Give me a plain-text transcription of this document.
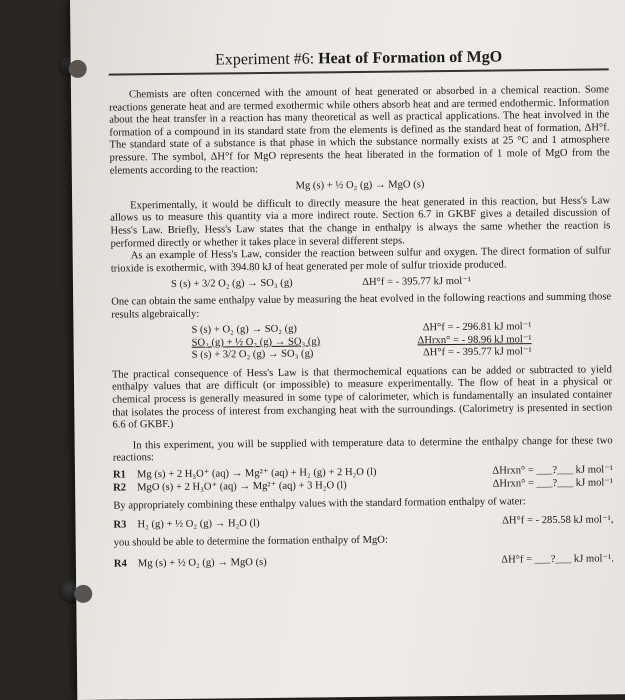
Experiment #6: Heat of Formation of MgO

Chemists are often concerned with the amount of heat generated or absorbed in a chemical reaction. Some reactions generate heat and are termed exothermic while others absorb heat and are termed endothermic. Information about the heat transfer in a reaction has many theoretical as well as practical applications. The heat involved in the formation of a compound in its standard state from the elements is defined as the standard heat of formation, ΔH°f. The standard state of a substance is that phase in which the substance normally exists at 25 °C and 1 atmosphere pressure. The symbol, ΔH°f for MgO represents the heat liberated in the formation of 1 mole of MgO from the elements according to the reaction:

Mg (s) + ½ O₂ (g) → MgO (s)

Experimentally, it would be difficult to directly measure the heat generated in this reaction, but Hess's Law allows us to measure this quantity via a more indirect route. Section 6.7 in GKBF gives a detailed discussion of Hess's Law. Briefly, Hess's Law states that the change in enthalpy is always the same whether the reaction is performed directly or whether it takes place in several different steps.

As an example of Hess's Law, consider the reaction between sulfur and oxygen. The direct formation of sulfur trioxide is exothermic, with 394.80 kJ of heat generated per mole of sulfur trioxide produced.

S (s) + 3/2 O₂ (g) → SO₃ (g)	ΔH°f = - 395.77 kJ mol⁻¹

One can obtain the same enthalpy value by measuring the heat evolved in the following reactions and summing those results algebraically:

S (s) + O₂ (g) → SO₂ (g)	ΔH°f = - 296.81 kJ mol⁻¹
SO₂ (g) + ½ O₂ (g) → SO₃ (g)	ΔHrxn° = - 98.96 kJ mol⁻¹
S (s) + 3/2 O₂ (g) → SO₃ (g)	ΔH°f = - 395.77 kJ mol⁻¹

The practical consequence of Hess's Law is that thermochemical equations can be added or subtracted to yield enthalpy values that are difficult (or impossible) to measure experimentally. The flow of heat in a physical or chemical process is generally measured in some type of calorimeter, which is fundamentally an insulated container that isolates the process of interest from exchanging heat with the surroundings. (Calorimetry is presented in section 6.6 of GKBF.)

In this experiment, you will be supplied with temperature data to determine the enthalpy change for these two reactions:

R1	Mg (s) + 2 H₃O⁺ (aq) → Mg²⁺ (aq) + H₂ (g) + 2 H₂O (l)	ΔHrxn° = ___?___ kJ mol⁻¹
R2	MgO (s) + 2 H₃O⁺ (aq) → Mg²⁺ (aq) + 3 H₂O (l)	ΔHrxn° = ___?___ kJ mol⁻¹

By appropriately combining these enthalpy values with the standard formation enthalpy of water:

R3	H₂ (g) + ½ O₂ (g) → H₂O (l)	ΔH°f = - 285.58 kJ mol⁻¹,

you should be able to determine the formation enthalpy of MgO:

R4	Mg (s) + ½ O₂ (g) → MgO (s)	ΔH°f = ___?___ kJ mol⁻¹.
